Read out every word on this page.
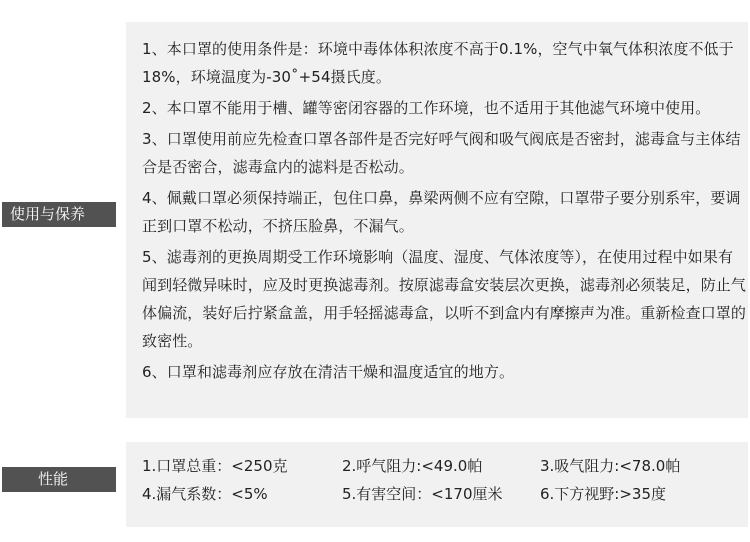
使用与保养
性能

1、本口罩的使用条件是：环境中毒体体积浓度不高于0.1%，空气中氧气体积浓度不低于18%，环境温度为-30˚+54摄氏度。

2、本口罩不能用于槽、罐等密闭容器的工作环境，也不适用于其他滤气环境中使用。

3、口罩使用前应先检查口罩各部件是否完好呼气阀和吸气阀底是否密封，滤毒盒与主体结合是否密合，滤毒盒内的滤料是否松动。

4、佩戴口罩必须保持端正，包住口鼻，鼻梁两侧不应有空隙，口罩带子要分别系牢，要调正到口罩不松动，不挤压脸鼻，不漏气。

5、滤毒剂的更换周期受工作环境影响（温度、湿度、气体浓度等），在使用过程中如果有闻到轻微异味时，应及时更换滤毒剂。按原滤毒盒安装层次更换，滤毒剂必须装足，防止气体偏流，装好后拧紧盒盖，用手轻摇滤毒盒，以听不到盒内有摩擦声为准。重新检查口罩的致密性。

6、口罩和滤毒剂应存放在清洁干燥和温度适宜的地方。

1.口罩总重：<250克	2.呼气阻力:<49.0帕	3.吸气阻力:<78.0帕
4.漏气系数：<5%	5.有害空间：<170厘米	6.下方视野:>35度
